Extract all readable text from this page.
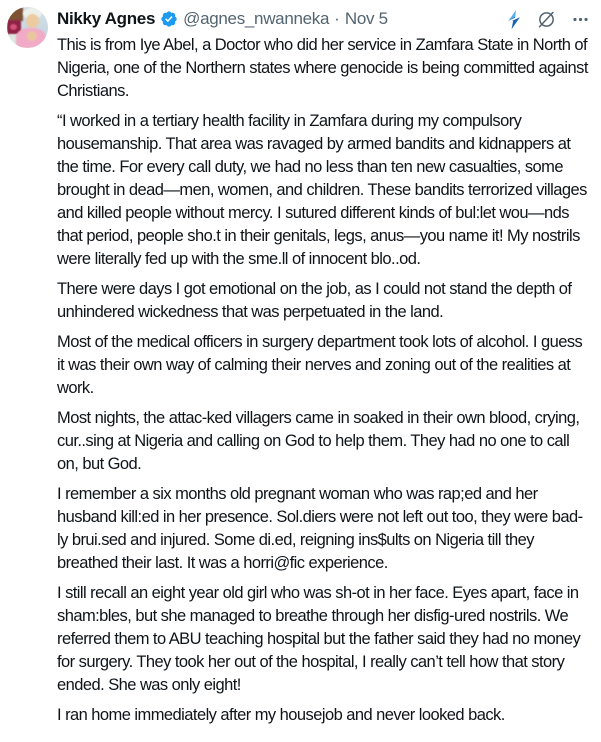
Nikky Agnes @agnes_nwanneka · Nov 5

This is from Iye Abel, a Doctor who did her service in Zamfara State in North of Nigeria, one of the Northern states where genocide is being committed against Christians.

“I worked in a tertiary health facility in Zamfara during my compulsory housemanship. That area was ravaged by armed bandits and kidnappers at the time. For every call duty, we had no less than ten new casualties, some brought in dead—men, women, and children. These bandits terrorized villages and killed people without mercy. I sutured different kinds of bul:let wou—nds that period, people sho.t in their genitals, legs, anus—you name it! My nostrils were literally fed up with the sme.ll of innocent blo..od.

There were days I got emotional on the job, as I could not stand the depth of unhindered wickedness that was perpetuated in the land.

Most of the medical officers in surgery department took lots of alcohol. I guess it was their own way of calming their nerves and zoning out of the realities at work.

Most nights, the attac-ked villagers came in soaked in their own blood, crying, cur..sing at Nigeria and calling on God to help them. They had no one to call on, but God.

I remember a six months old pregnant woman who was rap;ed and her husband kill:ed in her presence. Sol.diers were not left out too, they were bad-ly brui.sed and injured. Some di.ed, reigning ins$ults on Nigeria till they breathed their last. It was a horri@fic experience.

I still recall an eight year old girl who was sh-ot in her face. Eyes apart, face in sham:bles, but she managed to breathe through her disfig-ured nostrils. We referred them to ABU teaching hospital but the father said they had no money for surgery. They took her out of the hospital, I really can’t tell how that story ended. She was only eight!

I ran home immediately after my housejob and never looked back.
